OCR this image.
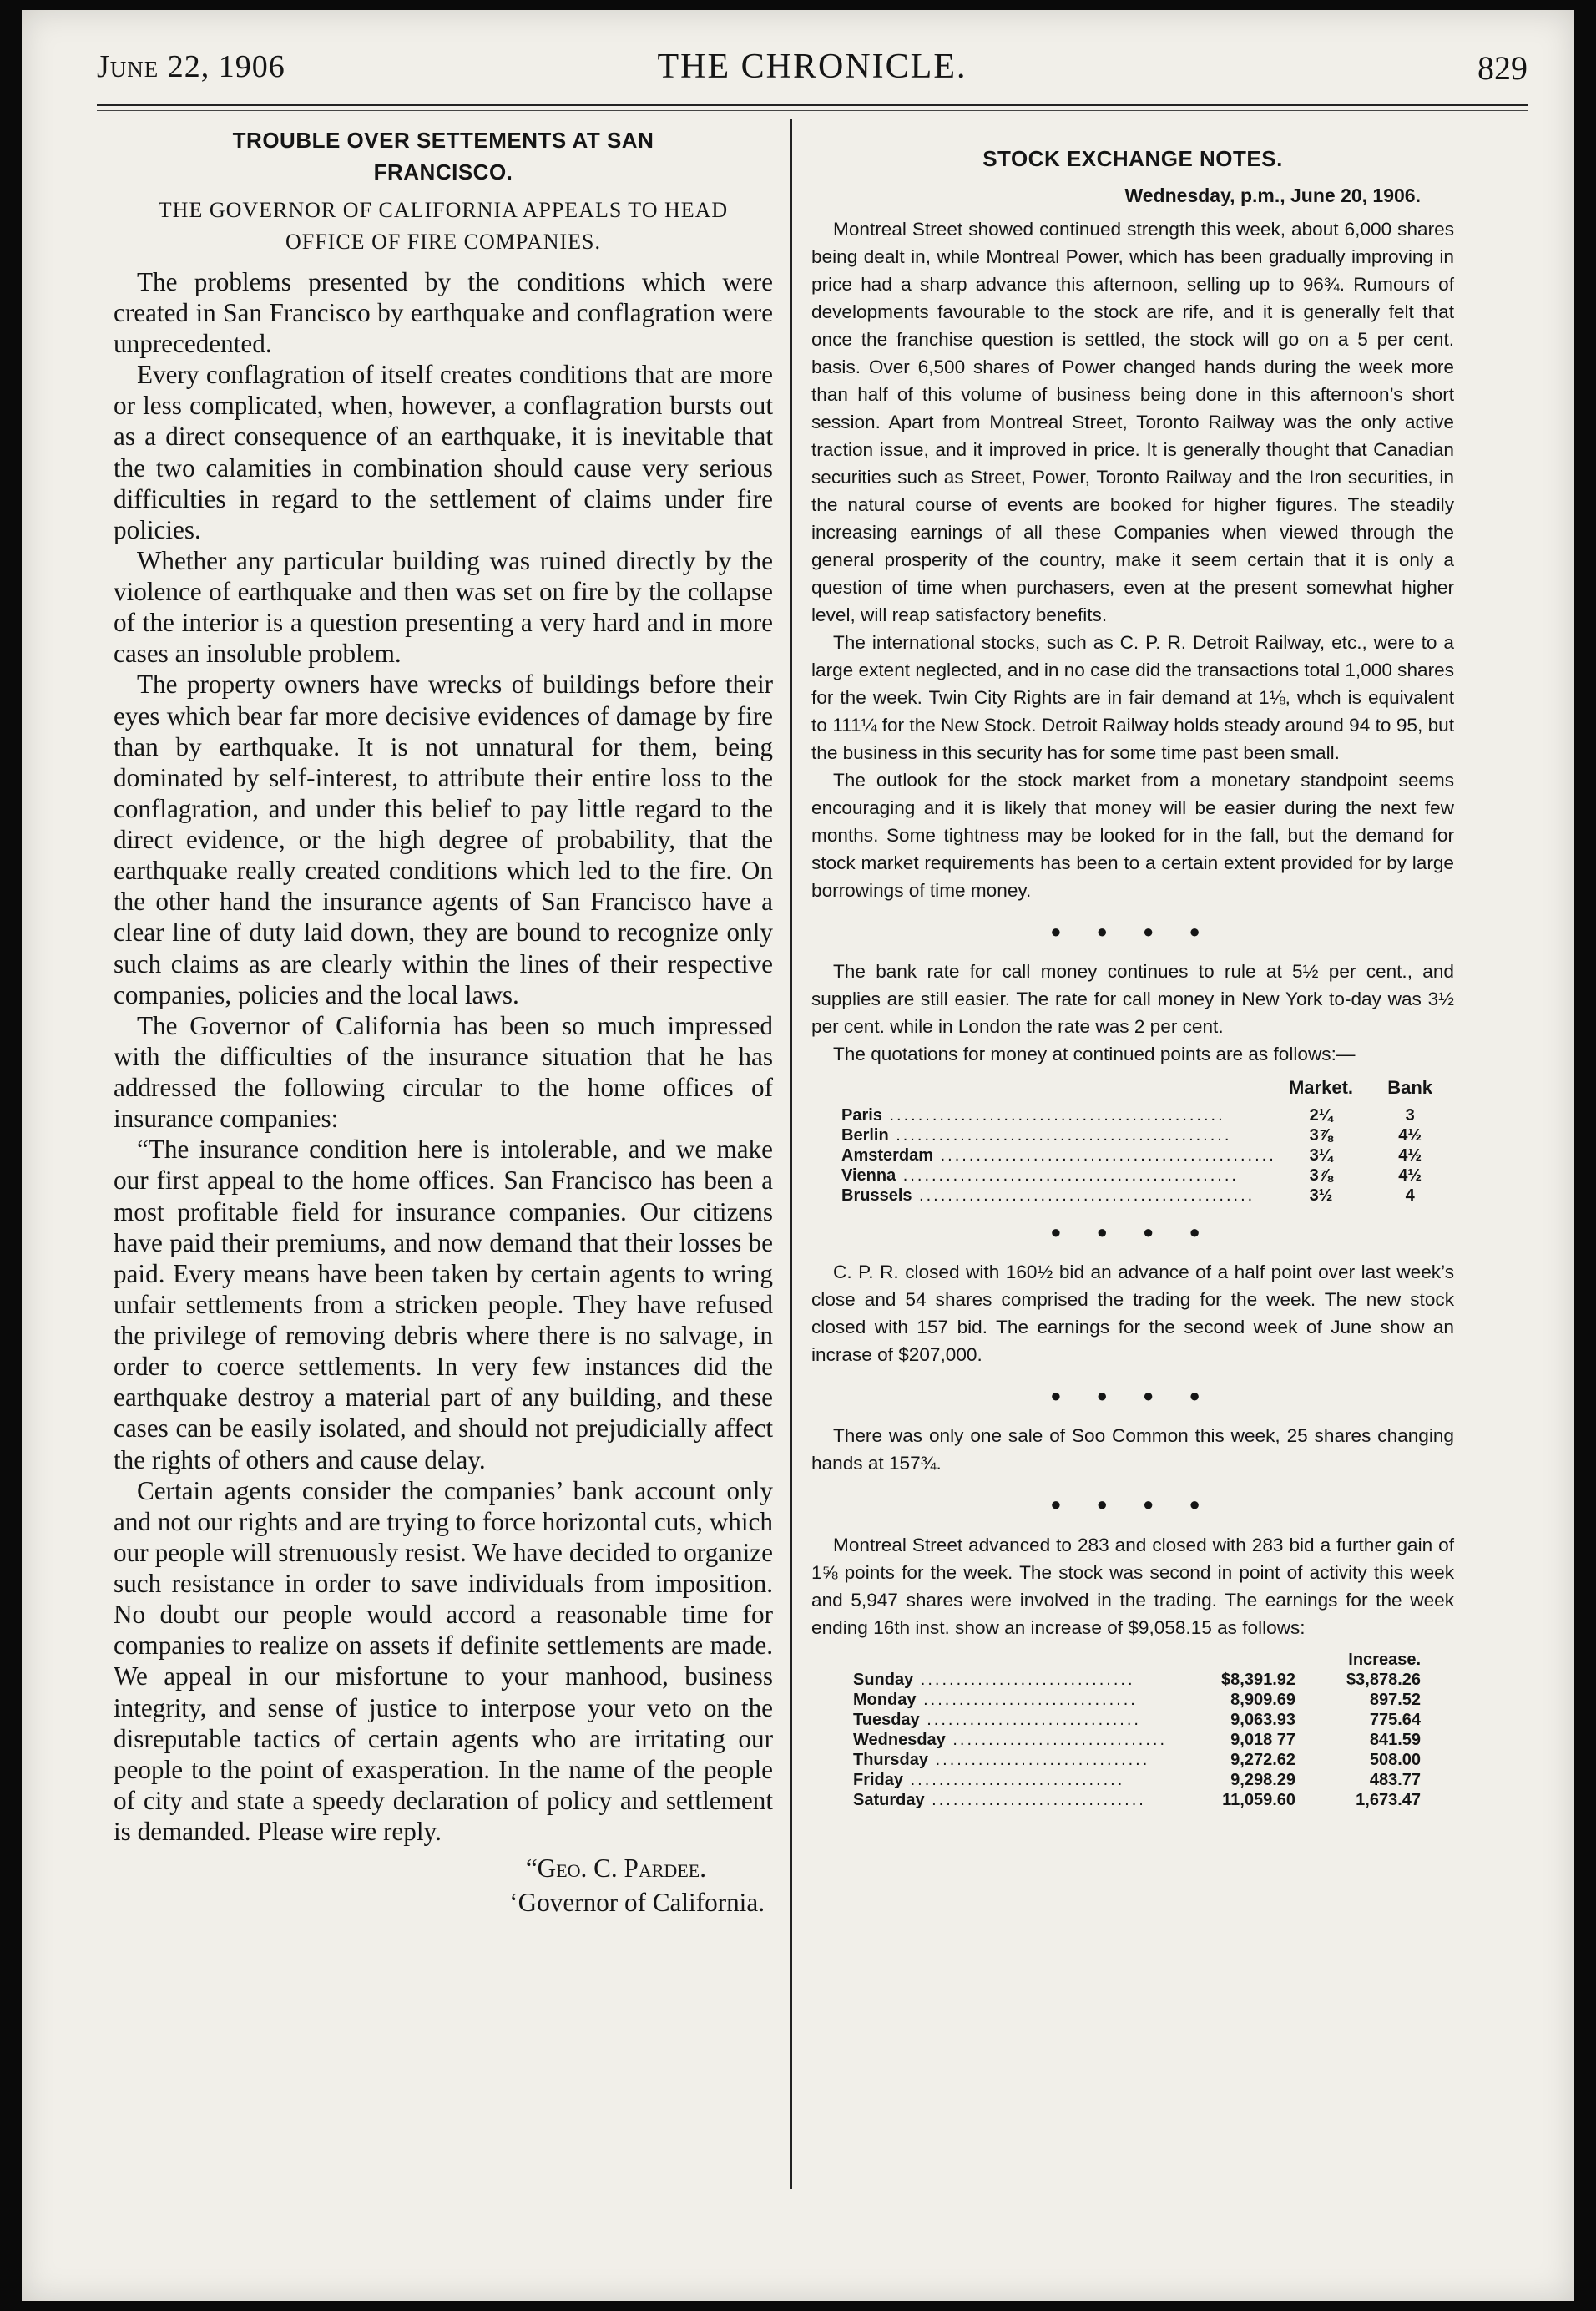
June 22, 1906	THE CHRONICLE.	829
TROUBLE OVER SETTEMENTS AT SAN
FRANCISCO.
THE GOVERNOR OF CALIFORNIA APPEALS TO HEAD
OFFICE OF FIRE COMPANIES.

The problems presented by the conditions which were created in San Francisco by earthquake and conflagration were unprecedented.

Every conflagration of itself creates conditions that are more or less complicated, when, however, a conflagration bursts out as a direct consequence of an earthquake, it is inevitable that the two calamities in combination should cause very serious difficulties in regard to the settlement of claims under fire policies.

Whether any particular building was ruined directly by the violence of earthquake and then was set on fire by the collapse of the interior is a question presenting a very hard and in more cases an insoluble problem.

The property owners have wrecks of buildings before their eyes which bear far more decisive evidences of damage by fire than by earthquake. It is not unnatural for them, being dominated by self-interest, to attribute their entire loss to the conflagration, and under this belief to pay little regard to the direct evidence, or the high degree of probability, that the earthquake really created conditions which led to the fire. On the other hand the insurance agents of San Francisco have a clear line of duty laid down, they are bound to recognize only such claims as are clearly within the lines of their respective companies, policies and the local laws.

The Governor of California has been so much impressed with the difficulties of the insurance situation that he has addressed the following circular to the home offices of insurance companies:

“The insurance condition here is intolerable, and we make our first appeal to the home offices. San Francisco has been a most profitable field for insurance companies. Our citizens have paid their premiums, and now demand that their losses be paid. Every means have been taken by certain agents to wring unfair settlements from a stricken people. They have refused the privilege of removing debris where there is no salvage, in order to coerce settlements. In very few instances did the earthquake destroy a material part of any building, and these cases can be easily isolated, and should not prejudicially affect the rights of others and cause delay.

Certain agents consider the companies’ bank account only and not our rights and are trying to force horizontal cuts, which our people will strenuously resist. We have decided to organize such resistance in order to save individuals from imposition. No doubt our people would accord a reasonable time for companies to realize on assets if definite settlements are made. We appeal in our misfortune to your manhood, business integrity, and sense of justice to interpose your veto on the disreputable tactics of certain agents who are irritating our people to the point of exasperation. In the name of the people of city and state a speedy declaration of policy and settlement is demanded. Please wire reply.

“Geo. C. Pardee.
‘Governor of California.
STOCK EXCHANGE NOTES.
Wednesday, p.m., June 20, 1906.

Montreal Street showed continued strength this week, about 6,000 shares being dealt in, while Montreal Power, which has been gradually improving in price had a sharp advance this afternoon, selling up to 96¾. Rumours of developments favourable to the stock are rife, and it is generally felt that once the franchise question is settled, the stock will go on a 5 per cent. basis. Over 6,500 shares of Power changed hands during the week more than half of this volume of business being done in this afternoon’s short session. Apart from Montreal Street, Toronto Railway was the only active traction issue, and it improved in price. It is generally thought that Canadian securities such as Street, Power, Toronto Railway and the Iron securities, in the natural course of events are booked for higher figures. The steadily increasing earnings of all these Companies when viewed through the general prosperity of the country, make it seem certain that it is only a question of time when purchasers, even at the present somewhat higher level, will reap satisfactory benefits.

The international stocks, such as C. P. R. Detroit Railway, etc., were to a large extent neglected, and in no case did the transactions total 1,000 shares for the week. Twin City Rights are in fair demand at 1⅛, whch is equivalent to 111¼ for the New Stock. Detroit Railway holds steady around 94 to 95, but the business in this security has for some time past been small.

The outlook for the stock market from a monetary standpoint seems encouraging and it is likely that money will be easier during the next few months. Some tightness may be looked for in the fall, but the demand for stock market requirements has been to a certain extent provided for by large borrowings of time money.

● ● ● ●

The bank rate for call money continues to rule at 5½ per cent., and supplies are still easier. The rate for call money in New York to-day was 3½ per cent. while in London the rate was 2 per cent.

The quotations for money at continued points are as follows:—

	Market.	Bank
Paris ...............................................	2¼	3
Berlin ...............................................	3⅞	4½
Amsterdam ...............................................	3¼	4½
Vienna ...............................................	3⅞	4½
Brussels ...............................................	3½	4
● ● ● ●

C. P. R. closed with 160½ bid an advance of a half point over last week’s close and 54 shares comprised the trading for the week. The new stock closed with 157 bid. The earnings for the second week of June show an incrase of $207,000.

● ● ● ●

There was only one sale of Soo Common this week, 25 shares changing hands at 157¾.

● ● ● ●

Montreal Street advanced to 283 and closed with 283 bid a further gain of 1⅝ points for the week. The stock was second in point of activity this week and 5,947 shares were involved in the trading. The earnings for the week ending 16th inst. show an increase of $9,058.15 as follows:

		Increase.
Sunday ..............................	$8,391.92	$3,878.26
Monday ..............................	8,909.69	897.52
Tuesday ..............................	9,063.93	775.64
Wednesday ..............................	9,018 77	841.59
Thursday ..............................	9,272.62	508.00
Friday ..............................	9,298.29	483.77
Saturday ..............................	11,059.60	1,673.47
